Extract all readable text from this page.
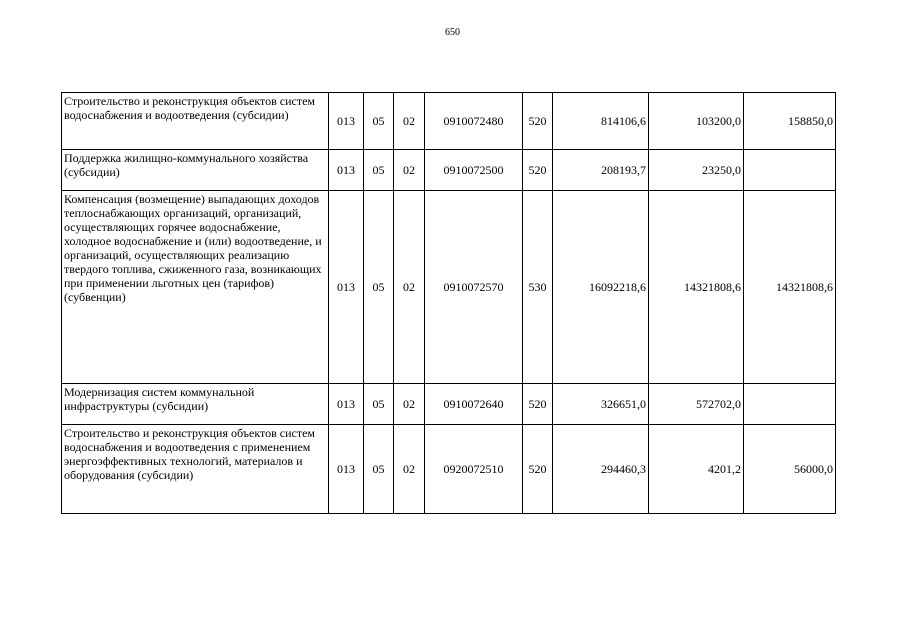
650
Строительство и реконструкция объектов систем водоснабжения и водоотведения (субсидии)	013	05	02	0910072480	520	814106,6	103200,0	158850,0
Поддержка жилищно-коммунального хозяйства (субсидии)	013	05	02	0910072500	520	208193,7	23250,0	
Компенсация (возмещение) выпадающих доходов теплоснабжающих организаций, организаций, осуществляющих горячее водоснабжение, холодное водоснабжение и (или) водоотведение, и организаций, осуществляющих реализацию твердого топлива, сжиженного газа, возникающих при применении льготных цен (тарифов) (субвенции)	013	05	02	0910072570	530	16092218,6	14321808,6	14321808,6
Модернизация систем коммунальной инфраструктуры (субсидии)	013	05	02	0910072640	520	326651,0	572702,0	
Строительство и реконструкция объектов систем водоснабжения и водоотведения с применением энергоэффективных технологий, материалов и оборудования (субсидии)	013	05	02	0920072510	520	294460,3	4201,2	56000,0
